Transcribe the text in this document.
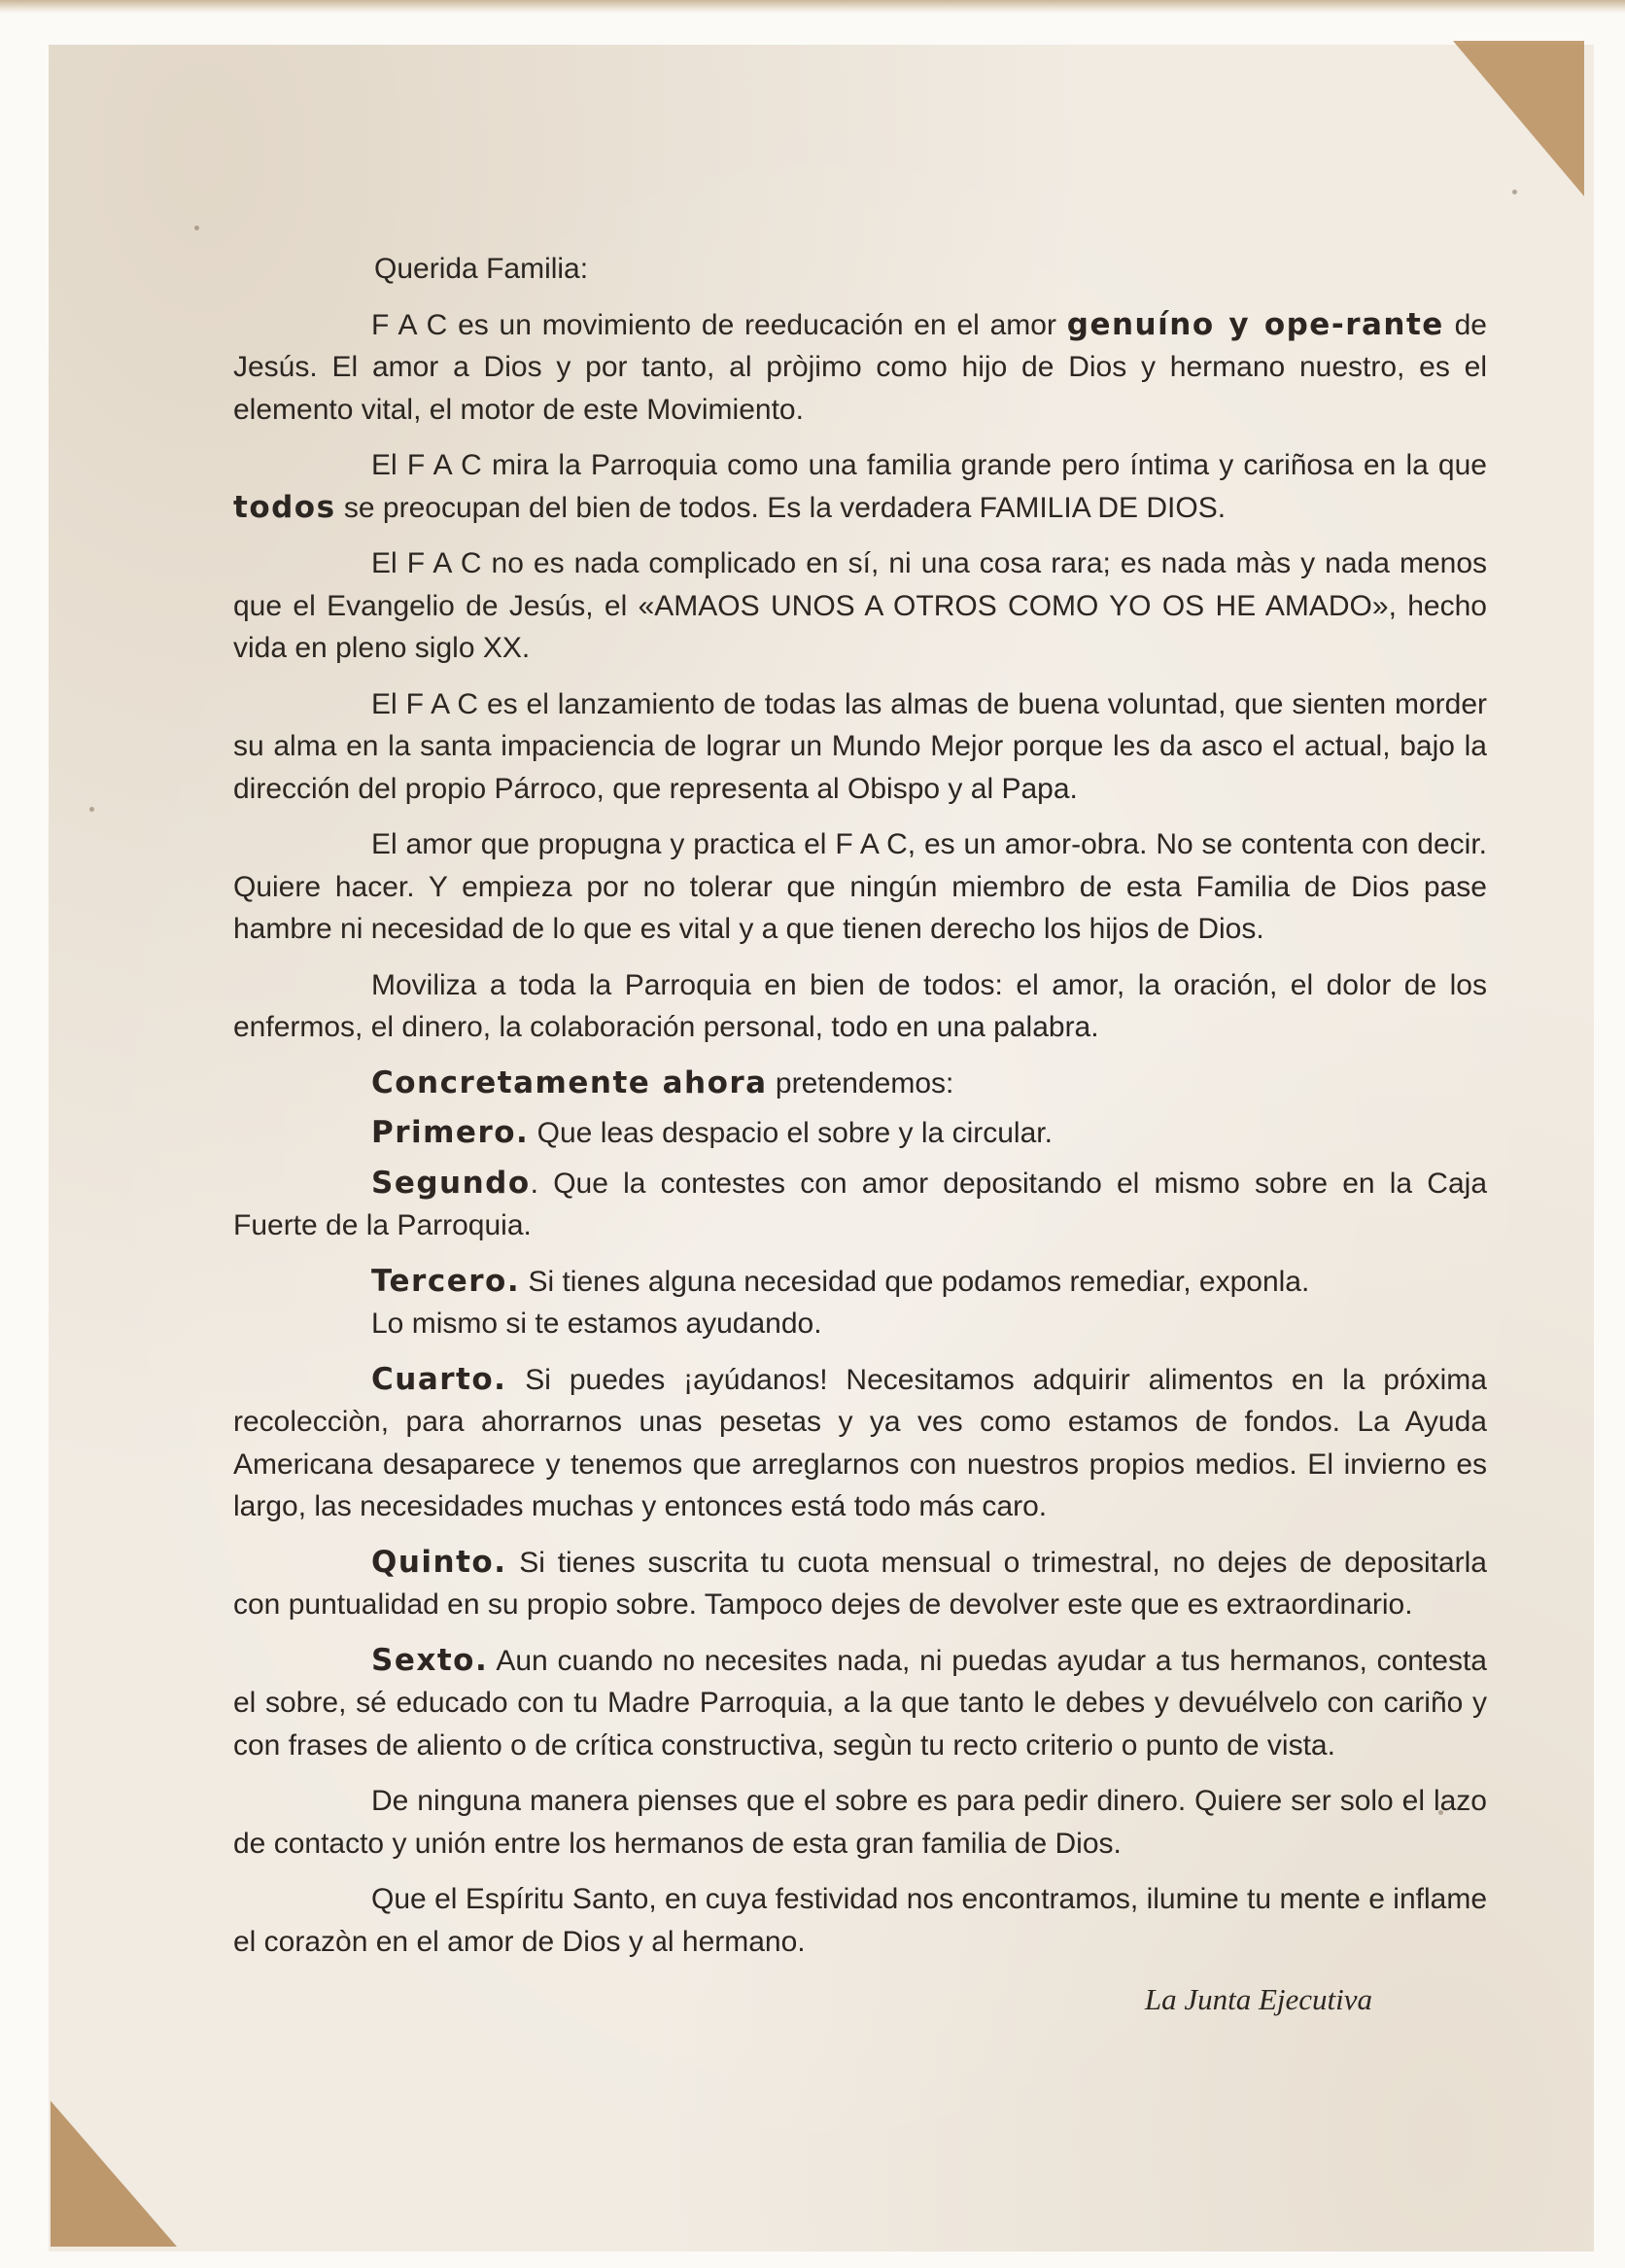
Querida Familia:

F A C es un movimiento de reeducación en el amor genuíno y ope-rante de Jesús. El amor a Dios y por tanto, al pròjimo como hijo de Dios y hermano nuestro, es el elemento vital, el motor de este Movimiento.

El F A C mira la Parroquia como una familia grande pero íntima y cariñosa en la que todos se preocupan del bien de todos. Es la verdadera FAMILIA DE DIOS.

El F A C no es nada complicado en sí, ni una cosa rara; es nada màs y nada menos que el Evangelio de Jesús, el «AMAOS UNOS A OTROS COMO YO OS HE AMADO», hecho vida en pleno siglo XX.

El F A C es el lanzamiento de todas las almas de buena voluntad, que sienten morder su alma en la santa impaciencia de lograr un Mundo Mejor porque les da asco el actual, bajo la dirección del propio Párroco, que representa al Obispo y al Papa.

El amor que propugna y practica el F A C, es un amor-obra. No se contenta con decir. Quiere hacer. Y empieza por no tolerar que ningún miembro de esta Familia de Dios pase hambre ni necesidad de lo que es vital y a que tienen derecho los hijos de Dios.

Moviliza a toda la Parroquia en bien de todos: el amor, la oración, el dolor de los enfermos, el dinero, la colaboración personal, todo en una palabra.

Concretamente ahora pretendemos:

Primero. Que leas despacio el sobre y la circular.

Segundo. Que la contestes con amor depositando el mismo sobre en la Caja Fuerte de la Parroquia.

Tercero. Si tienes alguna necesidad que podamos remediar, exponla.
Lo mismo si te estamos ayudando.

Cuarto. Si puedes ¡ayúdanos! Necesitamos adquirir alimentos en la próxima recolecciòn, para ahorrarnos unas pesetas y ya ves como estamos de fondos. La Ayuda Americana desaparece y tenemos que arreglarnos con nuestros propios medios. El invierno es largo, las necesidades muchas y entonces está todo más caro.

Quinto. Si tienes suscrita tu cuota mensual o trimestral, no dejes de depositarla con puntualidad en su propio sobre. Tampoco dejes de devolver este que es extraordinario.

Sexto. Aun cuando no necesites nada, ni puedas ayudar a tus hermanos, contesta el sobre, sé educado con tu Madre Parroquia, a la que tanto le debes y devuélvelo con cariño y con frases de aliento o de crítica constructiva, segùn tu recto criterio o punto de vista.

De ninguna manera pienses que el sobre es para pedir dinero. Quiere ser solo el lazo de contacto y unión entre los hermanos de esta gran familia de Dios.

Que el Espíritu Santo, en cuya festividad nos encontramos, ilumine tu mente e inflame el corazòn en el amor de Dios y al hermano.

La Junta Ejecutiva
